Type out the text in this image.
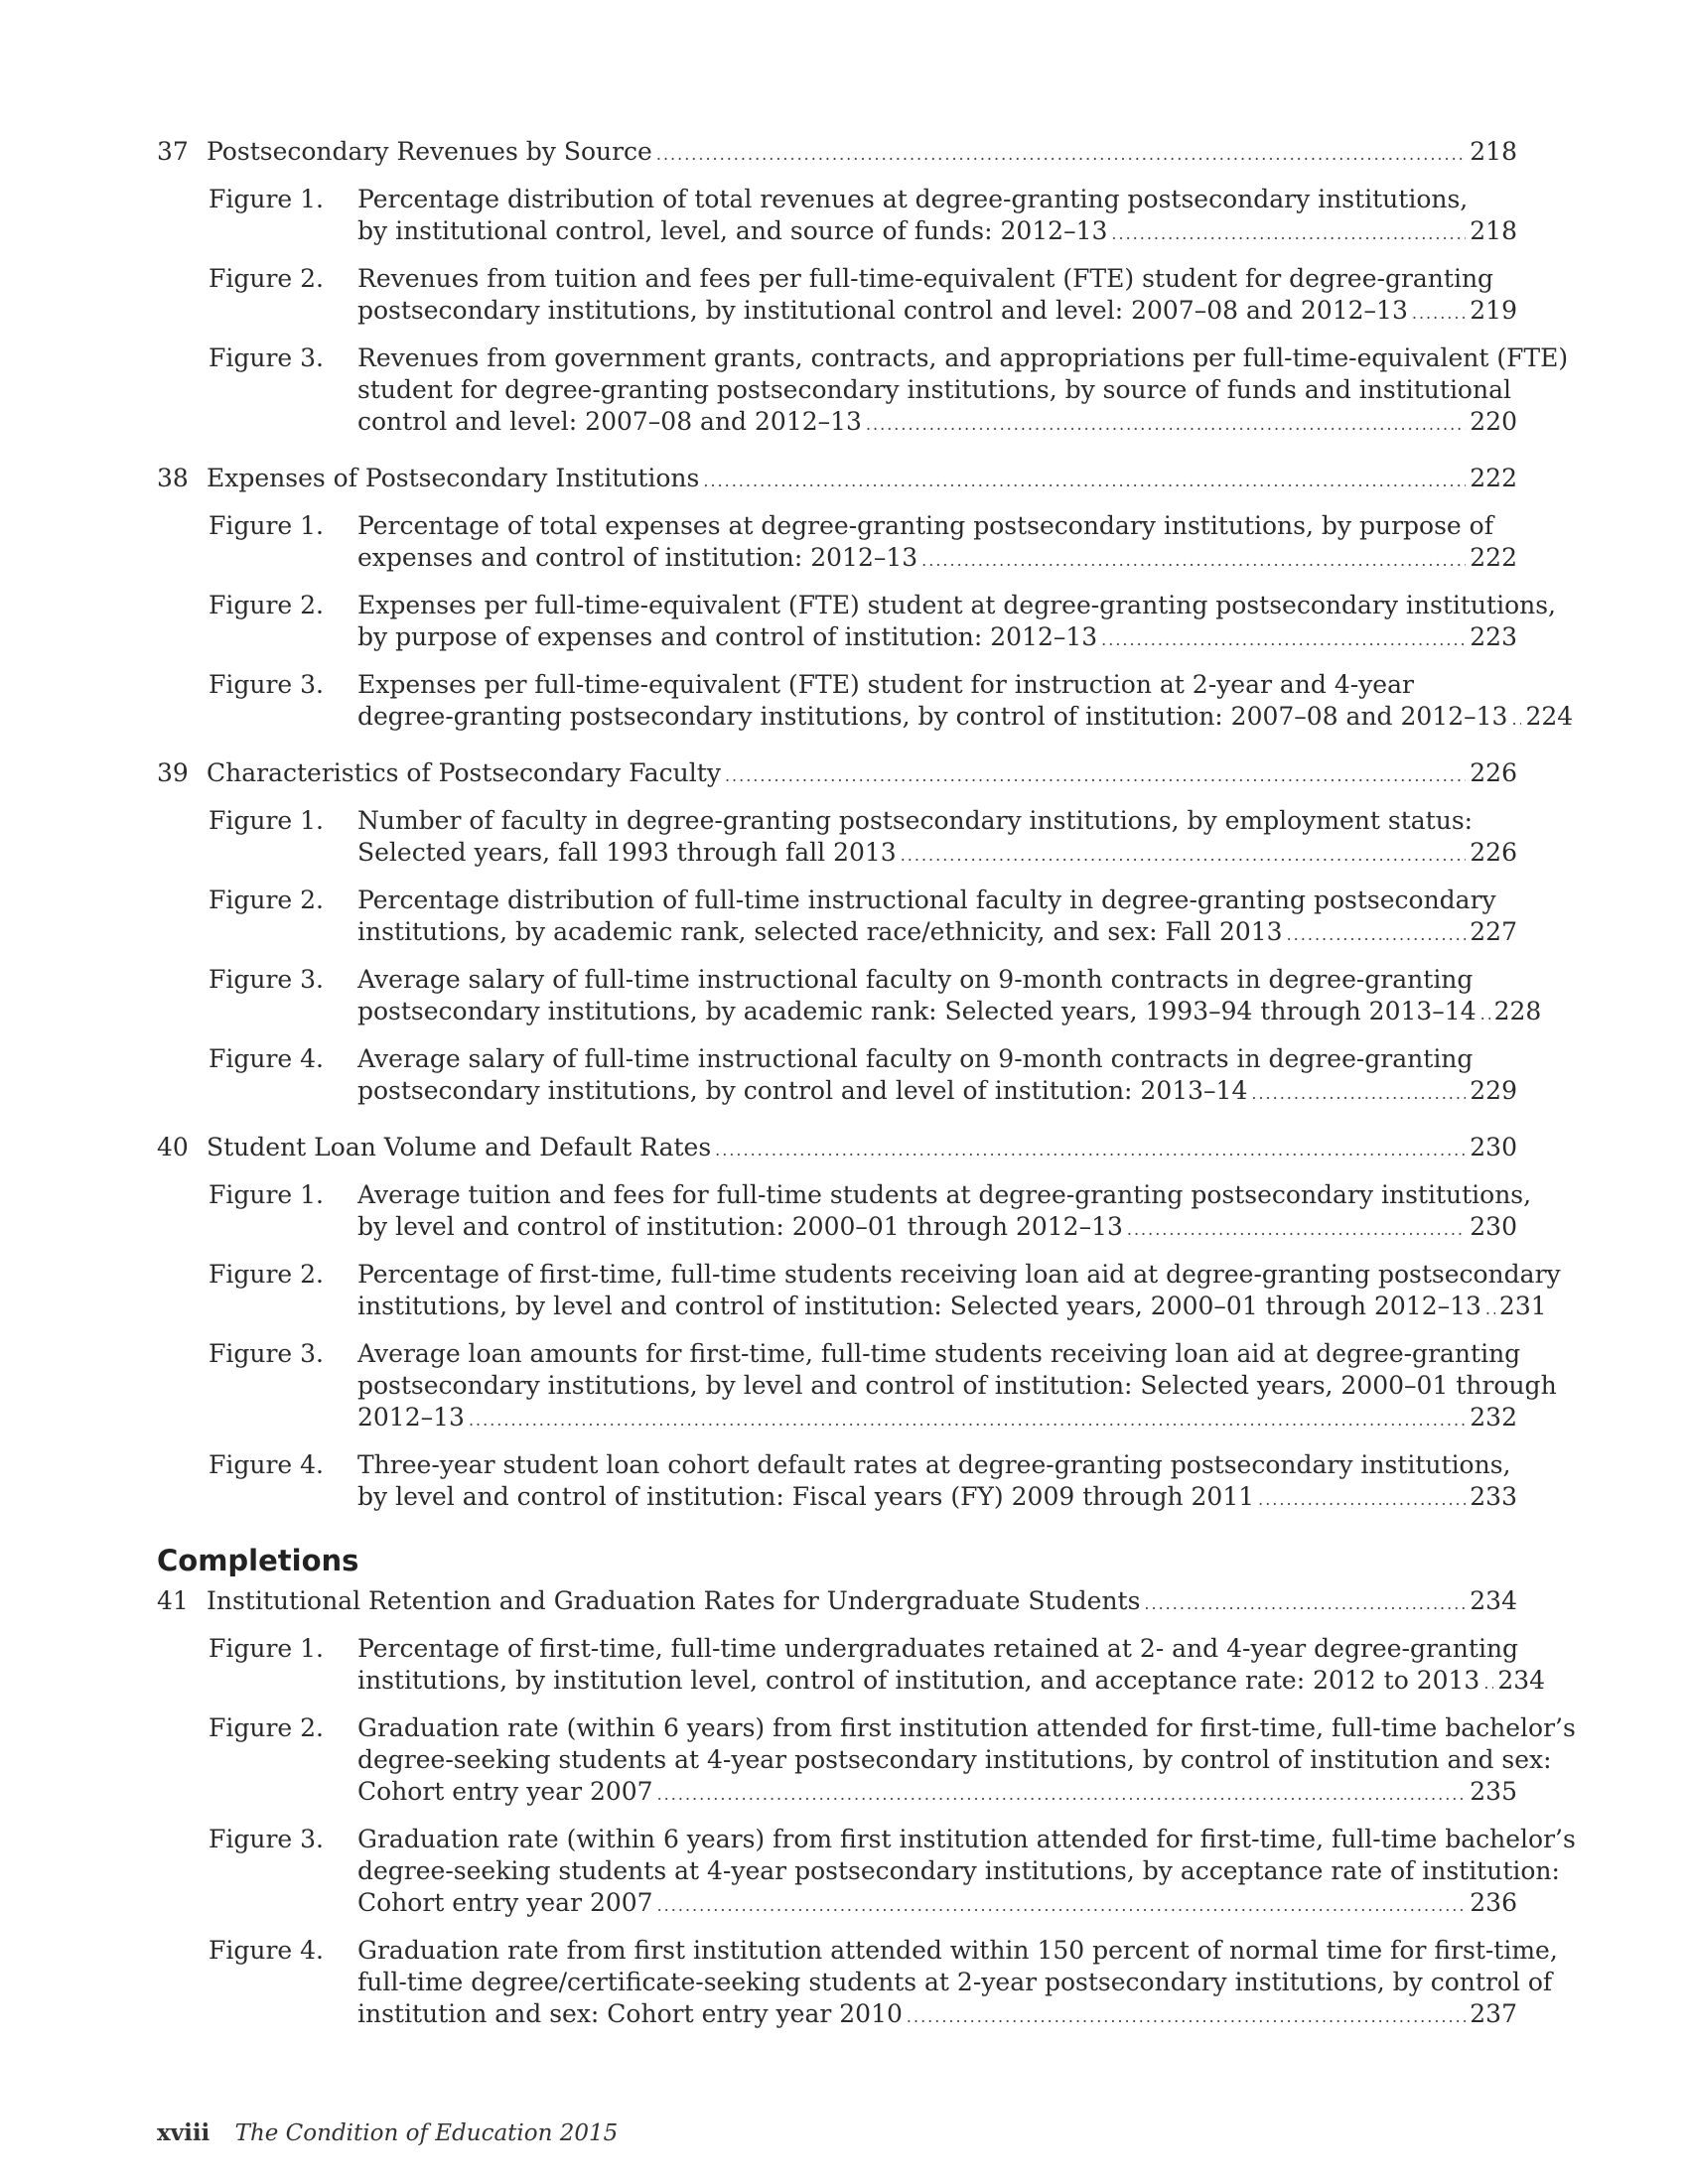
37 Postsecondary Revenues by Source .....	218
Figure 1.	Percentage distribution of total revenues at degree-granting postsecondary institutions,
by institutional control, level, and source of funds: 2012–13 .....	218
Figure 2.	Revenues from tuition and fees per full-time-equivalent (FTE) student for degree-granting
postsecondary institutions, by institutional control and level: 2007–08 and 2012–13 ..... 219
Figure 3.	Revenues from government grants, contracts, and appropriations per full-time-equivalent (FTE)
student for degree-granting postsecondary institutions, by source of funds and institutional
control and level: 2007–08 and 2012–13 .....	220
38 Expenses of Postsecondary Institutions .....	222
Figure 1.	Percentage of total expenses at degree-granting postsecondary institutions, by purpose of
expenses and control of institution: 2012–13 .....	222
Figure 2.	Expenses per full-time-equivalent (FTE) student at degree-granting postsecondary institutions,
by purpose of expenses and control of institution: 2012–13 .....	223
Figure 3.	Expenses per full-time-equivalent (FTE) student for instruction at 2-year and 4-year
degree-granting postsecondary institutions, by control of institution: 2007–08 and 2012–13 ..... 224
39 Characteristics of Postsecondary Faculty .....	226
Figure 1.	Number of faculty in degree-granting postsecondary institutions, by employment status:
Selected years, fall 1993 through fall 2013 .....	226
Figure 2.	Percentage distribution of full-time instructional faculty in degree-granting postsecondary
institutions, by academic rank, selected race/ethnicity, and sex: Fall 2013 .....	227
Figure 3.	Average salary of full-time instructional faculty on 9-month contracts in degree-granting
postsecondary institutions, by academic rank: Selected years, 1993–94 through 2013–14 ..... 228
Figure 4.	Average salary of full-time instructional faculty on 9-month contracts in degree-granting
postsecondary institutions, by control and level of institution: 2013–14 .....	229
40 Student Loan Volume and Default Rates .....	230
Figure 1.	Average tuition and fees for full-time students at degree-granting postsecondary institutions,
by level and control of institution: 2000–01 through 2012–13 .....	230
Figure 2.	Percentage of first-time, full-time students receiving loan aid at degree-granting postsecondary
institutions, by level and control of institution: Selected years, 2000–01 through 2012–13 ..... 231
Figure 3.	Average loan amounts for first-time, full-time students receiving loan aid at degree-granting
postsecondary institutions, by level and control of institution: Selected years, 2000–01 through
2012–13 .....	232
Figure 4.	Three-year student loan cohort default rates at degree-granting postsecondary institutions,
by level and control of institution: Fiscal years (FY) 2009 through 2011 .....	233
Completions
41 Institutional Retention and Graduation Rates for Undergraduate Students .....	234
Figure 1.	Percentage of first-time, full-time undergraduates retained at 2- and 4-year degree-granting
institutions, by institution level, control of institution, and acceptance rate: 2012 to 2013 ..... 234
Figure 2.	Graduation rate (within 6 years) from first institution attended for first-time, full-time bachelor’s
degree-seeking students at 4-year postsecondary institutions, by control of institution and sex:
Cohort entry year 2007 .....	235
Figure 3.	Graduation rate (within 6 years) from first institution attended for first-time, full-time bachelor’s
degree-seeking students at 4-year postsecondary institutions, by acceptance rate of institution:
Cohort entry year 2007 .....	236
Figure 4.	Graduation rate from first institution attended within 150 percent of normal time for first-time,
full-time degree/certificate-seeking students at 2-year postsecondary institutions, by control of
institution and sex: Cohort entry year 2010 .....	237
xviii The Condition of Education 2015
